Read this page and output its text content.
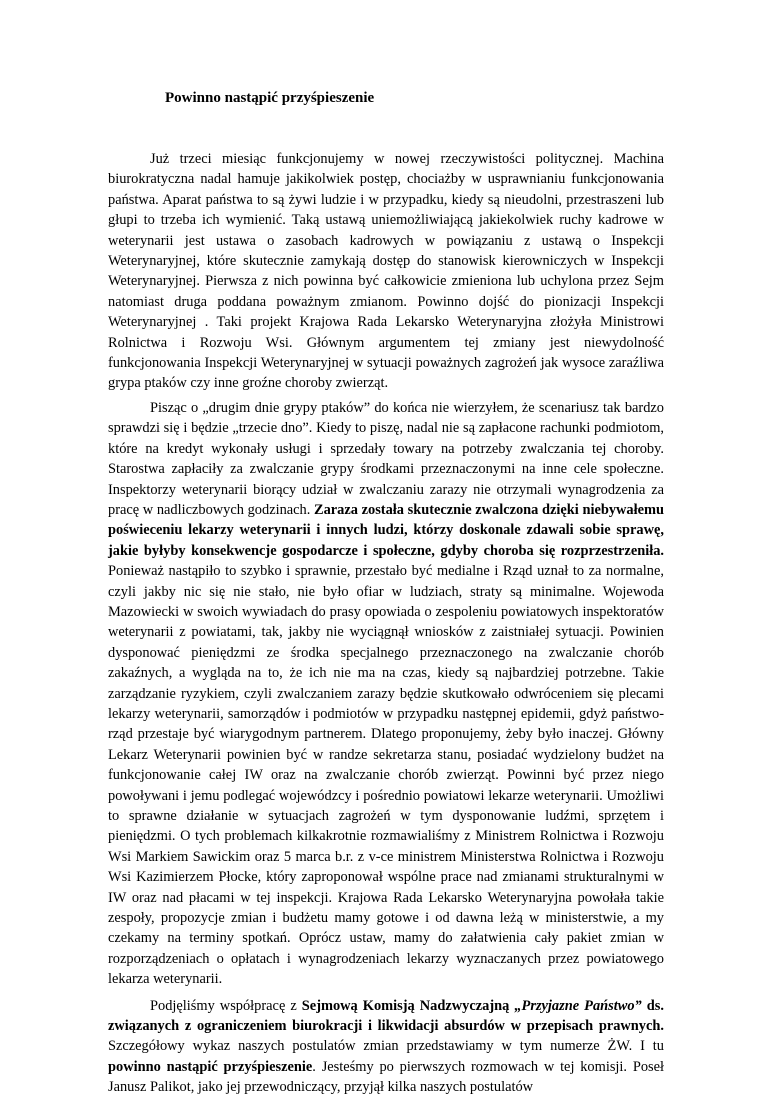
Powinno nastąpić przyśpieszenie

Już trzeci miesiąc funkcjonujemy w nowej rzeczywistości politycznej. Machina biurokratyczna nadal hamuje jakikolwiek postęp, chociażby w usprawnianiu funkcjonowania państwa. Aparat państwa to są żywi ludzie i w przypadku, kiedy są nieudolni, przestraszeni lub głupi to trzeba ich wymienić. Taką ustawą uniemożliwiającą jakiekolwiek ruchy kadrowe w weterynarii jest ustawa o zasobach kadrowych w powiązaniu z ustawą o Inspekcji Weterynaryjnej, które skutecznie zamykają dostęp do stanowisk kierowniczych w Inspekcji Weterynaryjnej. Pierwsza z nich powinna być całkowicie zmieniona lub uchylona przez Sejm natomiast druga poddana poważnym zmianom. Powinno dojść do pionizacji Inspekcji Weterynaryjnej . Taki projekt Krajowa Rada Lekarsko Weterynaryjna złożyła Ministrowi Rolnictwa i Rozwoju Wsi. Głównym argumentem tej zmiany jest niewydolność funkcjonowania Inspekcji Weterynaryjnej w sytuacji poważnych zagrożeń jak wysoce zaraźliwa grypa ptaków czy inne groźne choroby zwierząt.

Pisząc o „drugim dnie grypy ptaków” do końca nie wierzyłem, że scenariusz tak bardzo sprawdzi się i będzie „trzecie dno”. Kiedy to piszę, nadal nie są zapłacone rachunki podmiotom, które na kredyt wykonały usługi i sprzedały towary na potrzeby zwalczania tej choroby. Starostwa zapłaciły za zwalczanie grypy środkami przeznaczonymi na inne cele społeczne. Inspektorzy weterynarii biorący udział w zwalczaniu zarazy nie otrzymali wynagrodzenia za pracę w nadliczbowych godzinach. Zaraza została skutecznie zwalczona dzięki niebywałemu poświeceniu lekarzy weterynarii i innych ludzi, którzy doskonale zdawali sobie sprawę, jakie byłyby konsekwencje gospodarcze i społeczne, gdyby choroba się rozprzestrzeniła. Ponieważ nastąpiło to szybko i sprawnie, przestało być medialne i Rząd uznał to za normalne, czyli jakby nic się nie stało, nie było ofiar w ludziach, straty są minimalne. Wojewoda Mazowiecki w swoich wywiadach do prasy opowiada o zespoleniu powiatowych inspektoratów weterynarii z powiatami, tak, jakby nie wyciągnął wniosków z zaistniałej sytuacji. Powinien dysponować pieniędzmi ze środka specjalnego przeznaczonego na zwalczanie chorób zakaźnych, a wygląda na to, że ich nie ma na czas, kiedy są najbardziej potrzebne. Takie zarządzanie ryzykiem, czyli zwalczaniem zarazy będzie skutkowało odwróceniem się plecami lekarzy weterynarii, samorządów i podmiotów w przypadku następnej epidemii, gdyż państwo-rząd przestaje być wiarygodnym partnerem. Dlatego proponujemy, żeby było inaczej. Główny Lekarz Weterynarii powinien być w randze sekretarza stanu, posiadać wydzielony budżet na funkcjonowanie całej IW oraz na zwalczanie chorób zwierząt. Powinni być przez niego powoływani i jemu podlegać wojewódzcy i pośrednio powiatowi lekarze weterynarii. Umożliwi to sprawne działanie w sytuacjach zagrożeń w tym dysponowanie ludźmi, sprzętem i pieniędzmi. O tych problemach kilkakrotnie rozmawialiśmy z Ministrem Rolnictwa i Rozwoju Wsi Markiem Sawickim oraz 5 marca b.r. z v-ce ministrem Ministerstwa Rolnictwa i Rozwoju Wsi Kazimierzem Płocke, który zaproponował wspólne prace nad zmianami strukturalnymi w IW oraz nad płacami w tej inspekcji. Krajowa Rada Lekarsko Weterynaryjna powołała takie zespoły, propozycje zmian i budżetu mamy gotowe i od dawna leżą w ministerstwie, a my czekamy na terminy spotkań. Oprócz ustaw, mamy do załatwienia cały pakiet zmian w rozporządzeniach o opłatach i wynagrodzeniach lekarzy wyznaczanych przez powiatowego lekarza weterynarii.

Podjęliśmy współpracę z Sejmową Komisją Nadzwyczajną „Przyjazne Państwo” ds. związanych z ograniczeniem biurokracji i likwidacji absurdów w przepisach prawnych. Szczegółowy wykaz naszych postulatów zmian przedstawiamy w tym numerze ŻW. I tu powinno nastąpić przyśpieszenie. Jesteśmy po pierwszych rozmowach w tej komisji. Poseł Janusz Palikot, jako jej przewodniczący, przyjął kilka naszych postulatów
